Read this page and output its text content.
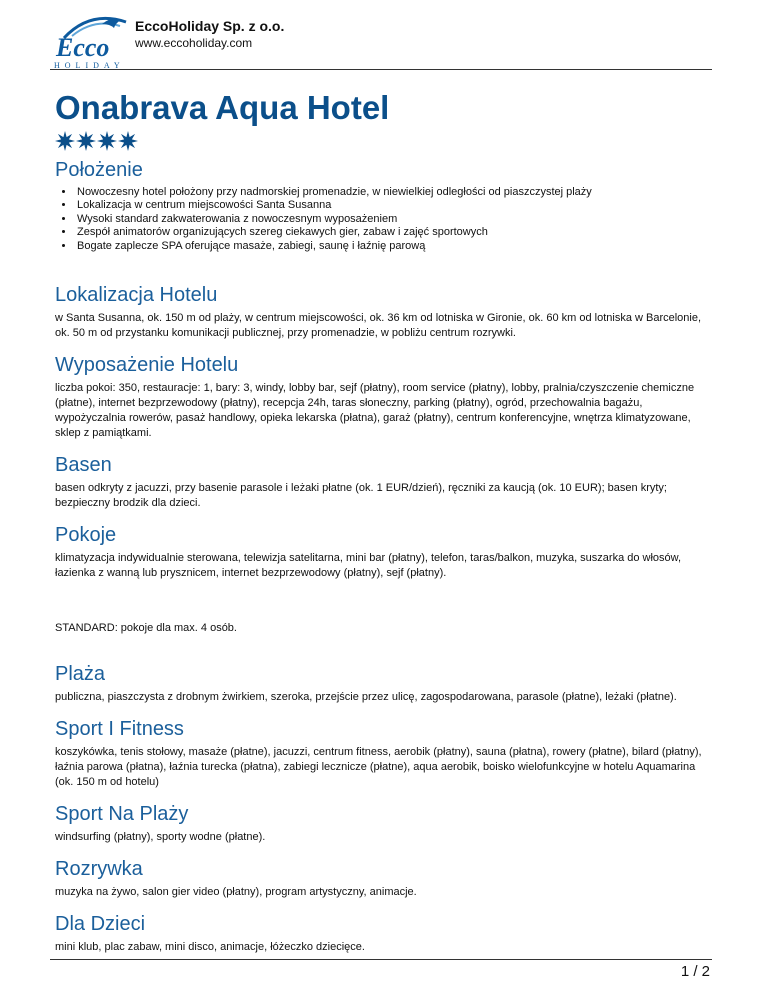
Ecco
HOLIDAY
EccoHoliday Sp. z o.o.
www.eccoholiday.com
Onabrava Aqua Hotel
Położenie
• Nowoczesny hotel położony przy nadmorskiej promenadzie, w niewielkiej odległości od piaszczystej plaży
• Lokalizacja w centrum miejscowości Santa Susanna
• Wysoki standard zakwaterowania z nowoczesnym wyposażeniem
• Zespół animatorów organizujących szereg ciekawych gier, zabaw i zajęć sportowych
• Bogate zaplecze SPA oferujące masaże, zabiegi, saunę i łaźnię parową
Lokalizacja Hotelu

w Santa Susanna, ok. 150 m od plaży, w centrum miejscowości, ok. 36 km od lotniska w Gironie, ok. 60 km od lotniska w Barcelonie, ok. 50 m od przystanku komunikacji publicznej, przy promenadzie, w pobliżu centrum rozrywki.

Wyposażenie Hotelu

liczba pokoi: 350, restauracje: 1, bary: 3, windy, lobby bar, sejf (płatny), room service (płatny), lobby, pralnia/czyszczenie chemiczne (płatne), internet bezprzewodowy (płatny), recepcja 24h, taras słoneczny, parking (płatny), ogród, przechowalnia bagażu, wypożyczalnia rowerów, pasaż handlowy, opieka lekarska (płatna), garaż (płatny), centrum konferencyjne, wnętrza klimatyzowane, sklep z pamiątkami.

Basen

basen odkryty z jacuzzi, przy basenie parasole i leżaki płatne (ok. 1 EUR/dzień), ręczniki za kaucją (ok. 10 EUR); basen kryty; bezpieczny brodzik dla dzieci.

Pokoje

klimatyzacja indywidualnie sterowana, telewizja satelitarna, mini bar (płatny), telefon, taras/balkon, muzyka, suszarka do włosów, łazienka z wanną lub prysznicem, internet bezprzewodowy (płatny), sejf (płatny).

STANDARD: pokoje dla max. 4 osób.

Plaża

publiczna, piaszczysta z drobnym żwirkiem, szeroka, przejście przez ulicę, zagospodarowana, parasole (płatne), leżaki (płatne).

Sport I Fitness

koszykówka, tenis stołowy, masaże (płatne), jacuzzi, centrum fitness, aerobik (płatny), sauna (płatna), rowery (płatne), bilard (płatny), łaźnia parowa (płatna), łaźnia turecka (płatna), zabiegi lecznicze (płatne), aqua aerobik, boisko wielofunkcyjne w hotelu Aquamarina (ok. 150 m od hotelu)

Sport Na Plaży

windsurfing (płatny), sporty wodne (płatne).

Rozrywka

muzyka na żywo, salon gier video (płatny), program artystyczny, animacje.

Dla Dzieci

mini klub, plac zabaw, mini disco, animacje, łóżeczko dziecięce.

1 / 2
